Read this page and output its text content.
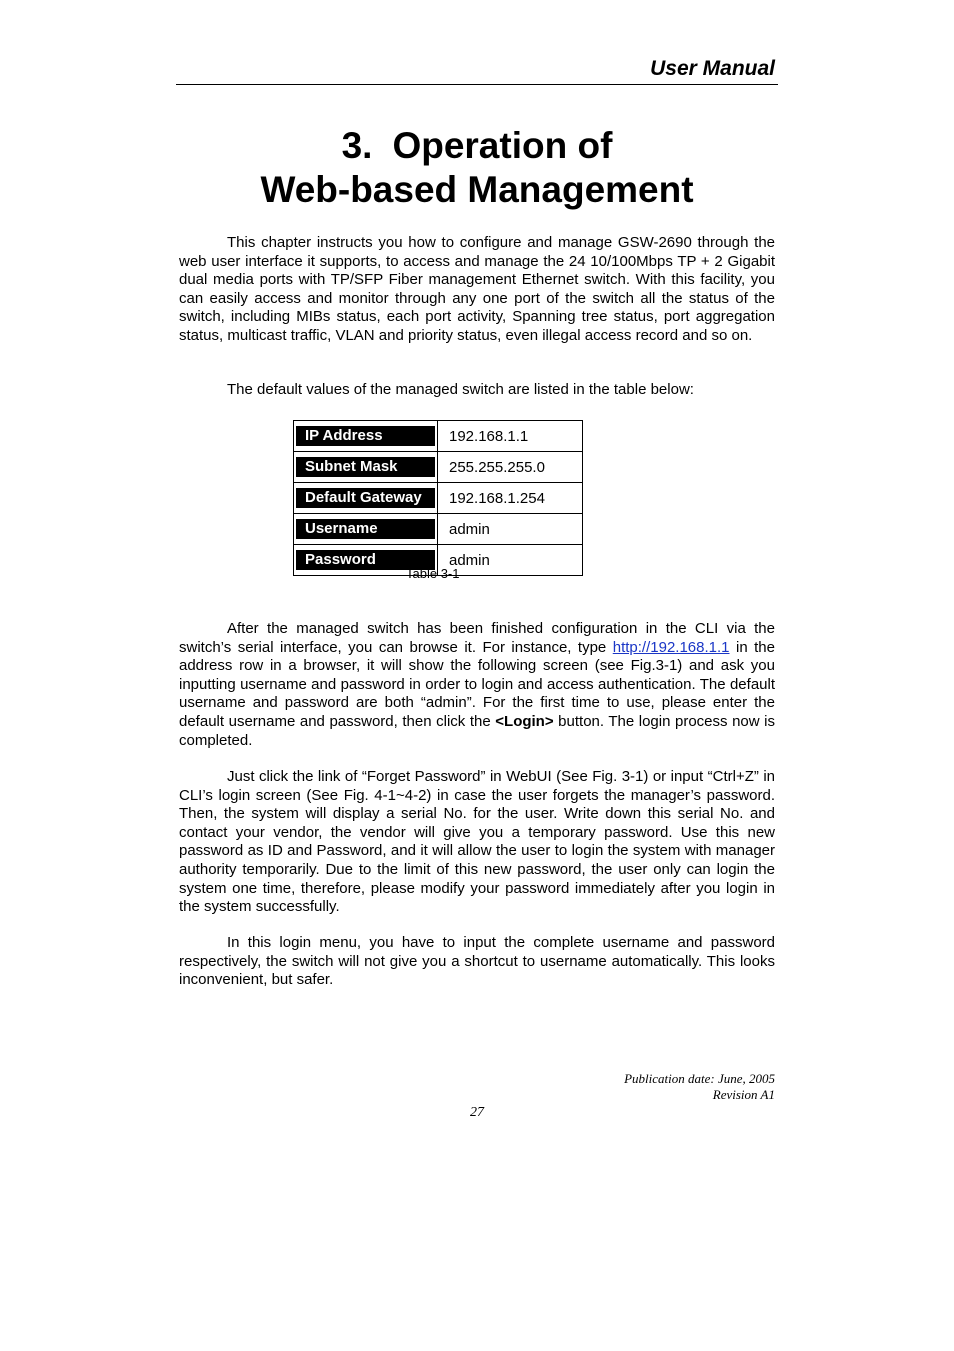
User Manual
3. Operation of
Web-based Management
This chapter instructs you how to configure and manage GSW-2690 through the web user interface it supports, to access and manage the 24 10/100Mbps TP + 2 Gigabit dual media ports with TP/SFP Fiber management Ethernet switch. With this facility, you can easily access and monitor through any one port of the switch all the status of the switch, including MIBs status, each port activity, Spanning tree status, port aggregation status, multicast traffic, VLAN and priority status, even illegal access record and so on.
The default values of the managed switch are listed in the table below:
IP Address	192.168.1.1

Subnet Mask	255.255.255.0

Default Gateway	192.168.1.254

Username	admin

Password	admin
Table 3-1
After the managed switch has been finished configuration in the CLI via the switch’s serial interface, you can browse it. For instance, type http://192.168.1.1 in the address row in a browser, it will show the following screen (see Fig.3-1) and ask you inputting username and password in order to login and access authentication. The default username and password are both “admin”. For the first time to use, please enter the default username and password, then click the <Login> button. The login process now is completed.
Just click the link of “Forget Password” in WebUI (See Fig. 3-1) or input “Ctrl+Z” in CLI’s login screen (See Fig. 4-1~4-2) in case the user forgets the manager’s password. Then, the system will display a serial No. for the user. Write down this serial No. and contact your vendor, the vendor will give you a temporary password. Use this new password as ID and Password, and it will allow the user to login the system with manager authority temporarily. Due to the limit of this new password, the user only can login the system one time, therefore, please modify your password immediately after you login in the system successfully.
In this login menu, you have to input the complete username and password respectively, the switch will not give you a shortcut to username automatically. This looks inconvenient, but safer.
Publication date: June, 2005
Revision A1
27
